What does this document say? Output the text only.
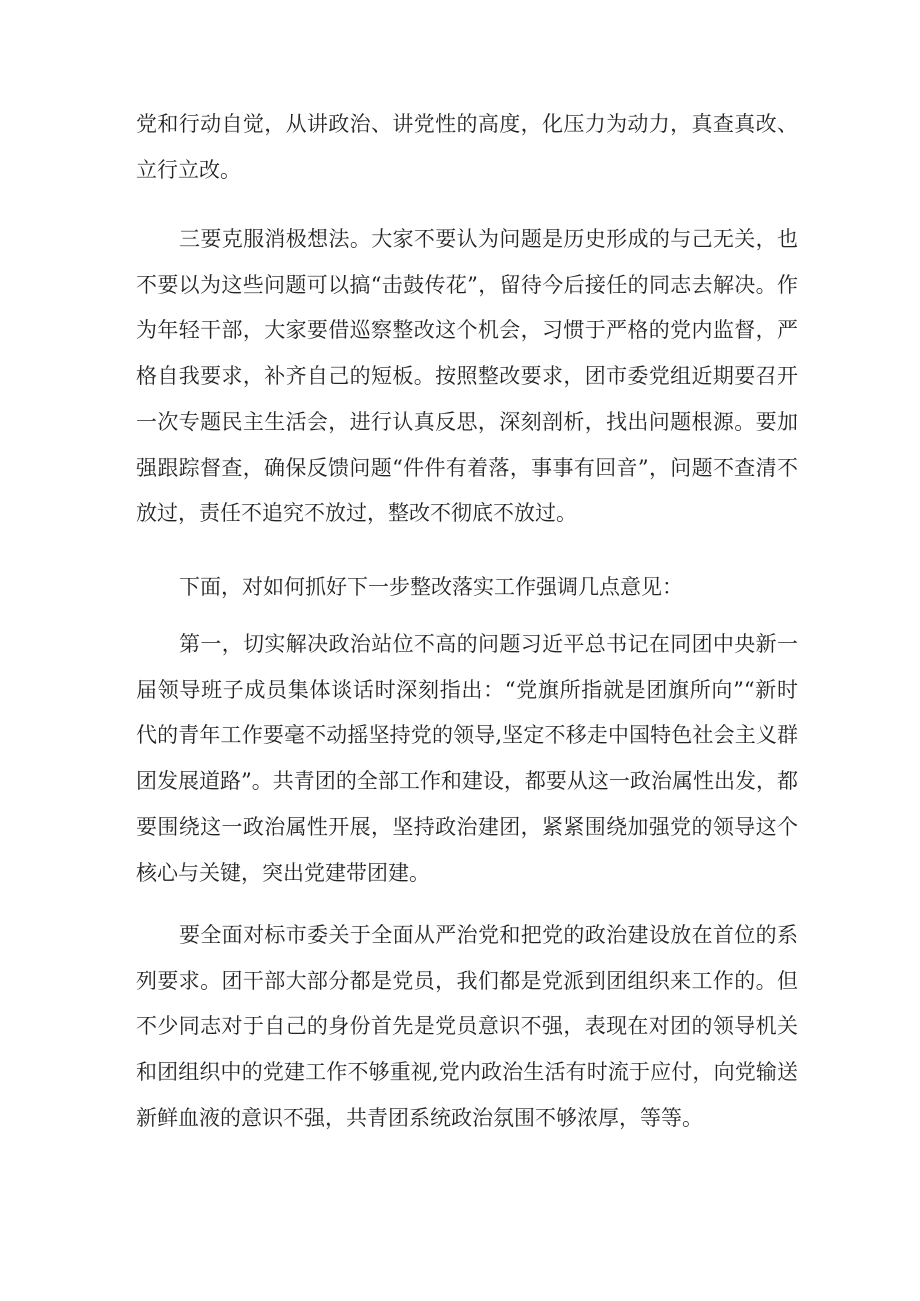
党和行动自觉，从讲政治、讲党性的高度，化压力为动力，真查真改、立行立改。

三要克服消极想法。大家不要认为问题是历史形成的与己无关，也不要以为这些问题可以搞“击鼓传花”，留待今后接任的同志去解决。作为年轻干部，大家要借巡察整改这个机会，习惯于严格的党内监督，严格自我要求，补齐自己的短板。按照整改要求，团市委党组近期要召开一次专题民主生活会，进行认真反思，深刻剖析，找出问题根源。要加强跟踪督查，确保反馈问题“件件有着落，事事有回音”，问题不查清不放过，责任不追究不放过，整改不彻底不放过。

下面，对如何抓好下一步整改落实工作强调几点意见：

第一，切实解决政治站位不高的问题习近平总书记在同团中央新一届领导班子成员集体谈话时深刻指出：“党旗所指就是团旗所向”“新时代的青年工作要毫不动摇坚持党的领导,坚定不移走中国特色社会主义群团发展道路”。共青团的全部工作和建设，都要从这一政治属性出发，都要围绕这一政治属性开展，坚持政治建团，紧紧围绕加强党的领导这个核心与关键，突出党建带团建。

要全面对标市委关于全面从严治党和把党的政治建设放在首位的系列要求。团干部大部分都是党员，我们都是党派到团组织来工作的。但不少同志对于自己的身份首先是党员意识不强，表现在对团的领导机关和团组织中的党建工作不够重视,党内政治生活有时流于应付，向党输送新鲜血液的意识不强，共青团系统政治氛围不够浓厚，等等。
